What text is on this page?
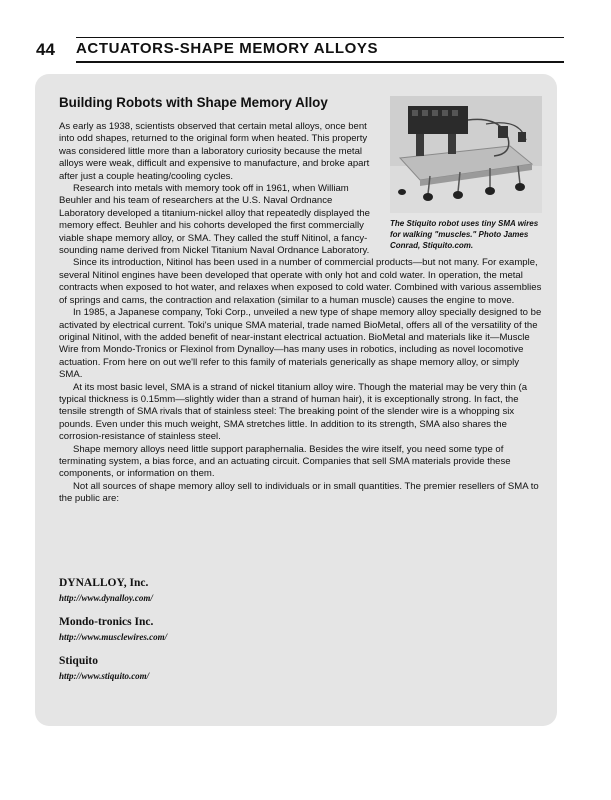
44 ACTUATORS-SHAPE MEMORY ALLOYS
Building Robots with Shape Memory Alloy
The Stiquito robot uses tiny SMA wires for walking "muscles." Photo James Conrad, Stiquito.com.

As early as 1938, scientists observed that certain metal alloys, once bent into odd shapes, returned to the original form when heated. This property was considered little more than a laboratory curiosity because the metal alloys were weak, difficult and expensive to manufacture, and broke apart after just a couple heating/cooling cycles.

Research into metals with memory took off in 1961, when William Beuhler and his team of researchers at the U.S. Naval Ordnance Laboratory developed a titanium-nickel alloy that repeatedly displayed the memory effect. Beuhler and his cohorts developed the first commercially viable shape memory alloy, or SMA. They called the stuff Nitinol, a fancy-sounding name derived from Nickel Titanium Naval Ordnance Laboratory.

Since its introduction, Nitinol has been used in a number of commercial products—but not many. For example, several Nitinol engines have been developed that operate with only hot and cold water. In operation, the metal contracts when exposed to hot water, and relaxes when exposed to cold water. Combined with various assemblies of springs and cams, the contraction and relaxation (similar to a human muscle) causes the engine to move.

In 1985, a Japanese company, Toki Corp., unveiled a new type of shape memory alloy specially designed to be activated by electrical current. Toki's unique SMA material, trade named BioMetal, offers all of the versatility of the original Nitinol, with the added benefit of near-instant electrical actuation. BioMetal and materials like it—Muscle Wire from Mondo-Tronics or Flexinol from Dynalloy—has many uses in robotics, including as novel locomotive actuation. From here on out we'll refer to this family of materials generically as shape memory alloy, or simply SMA.

At its most basic level, SMA is a strand of nickel titanium alloy wire. Though the material may be very thin (a typical thickness is 0.15mm—slightly wider than a strand of human hair), it is exceptionally strong. In fact, the tensile strength of SMA rivals that of stainless steel: The breaking point of the slender wire is a whopping six pounds. Even under this much weight, SMA stretches little. In addition to its strength, SMA also shares the corrosion-resistance of stainless steel.

Shape memory alloys need little support paraphernalia. Besides the wire itself, you need some type of terminating system, a bias force, and an actuating circuit. Companies that sell SMA materials provide these components, or information on them.

Not all sources of shape memory alloy sell to individuals or in small quantities. The premier resellers of SMA to the public are:

DYNALLOY, Inc.

http://www.dynalloy.com/

Mondo-tronics Inc.

http://www.musclewires.com/

Stiquito

http://www.stiquito.com/
